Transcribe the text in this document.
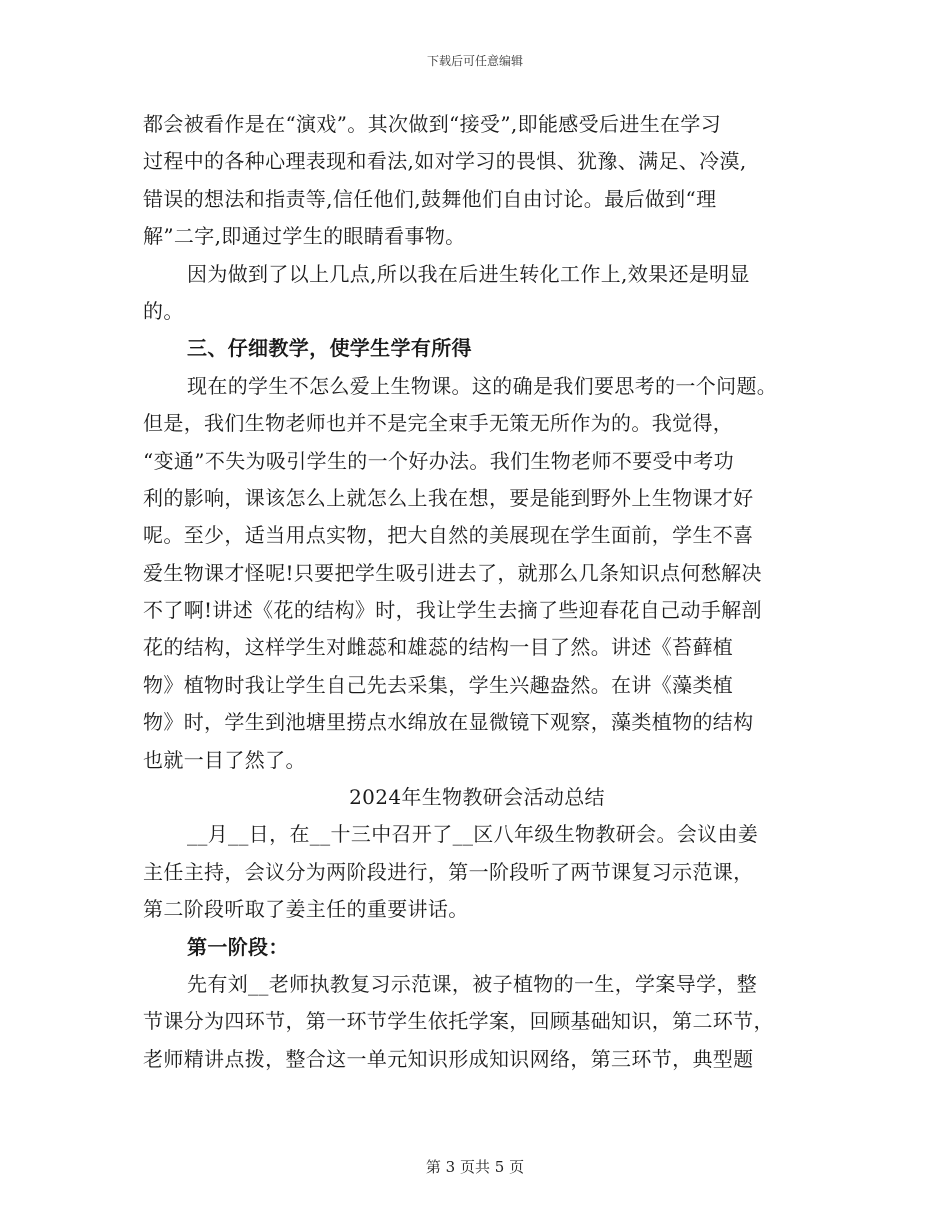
下载后可任意编辑
都会被看作是在“演戏”。其次做到“接受”,即能感受后进生在学习
过程中的各种心理表现和看法,如对学习的畏惧、犹豫、满足、冷漠,
错误的想法和指责等,信任他们,鼓舞他们自由讨论。最后做到“理
解”二字,即通过学生的眼睛看事物。
因为做到了以上几点,所以我在后进生转化工作上,效果还是明显
的。
三、仔细教学，使学生学有所得
现在的学生不怎么爱上生物课。这的确是我们要思考的一个问题。
但是，我们生物老师也并不是完全束手无策无所作为的。我觉得，
“变通”不失为吸引学生的一个好办法。我们生物老师不要受中考功
利的影响，课该怎么上就怎么上我在想，要是能到野外上生物课才好
呢。至少，适当用点实物，把大自然的美展现在学生面前，学生不喜
爱生物课才怪呢!只要把学生吸引进去了，就那么几条知识点何愁解决
不了啊!讲述《花的结构》时，我让学生去摘了些迎春花自己动手解剖
花的结构，这样学生对雌蕊和雄蕊的结构一目了然。讲述《苔藓植
物》植物时我让学生自己先去采集，学生兴趣盎然。在讲《藻类植
物》时，学生到池塘里捞点水绵放在显微镜下观察，藻类植物的结构
也就一目了然了。
2024年生物教研会活动总结
__月__日，在__十三中召开了__区八年级生物教研会。会议由姜
主任主持，会议分为两阶段进行，第一阶段听了两节课复习示范课，
第二阶段听取了姜主任的重要讲话。
第一阶段：
先有刘__老师执教复习示范课，被子植物的一生，学案导学，整
节课分为四环节，第一环节学生依托学案，回顾基础知识，第二环节，
老师精讲点拨，整合这一单元知识形成知识网络，第三环节，典型题
第 3 页共 5 页
